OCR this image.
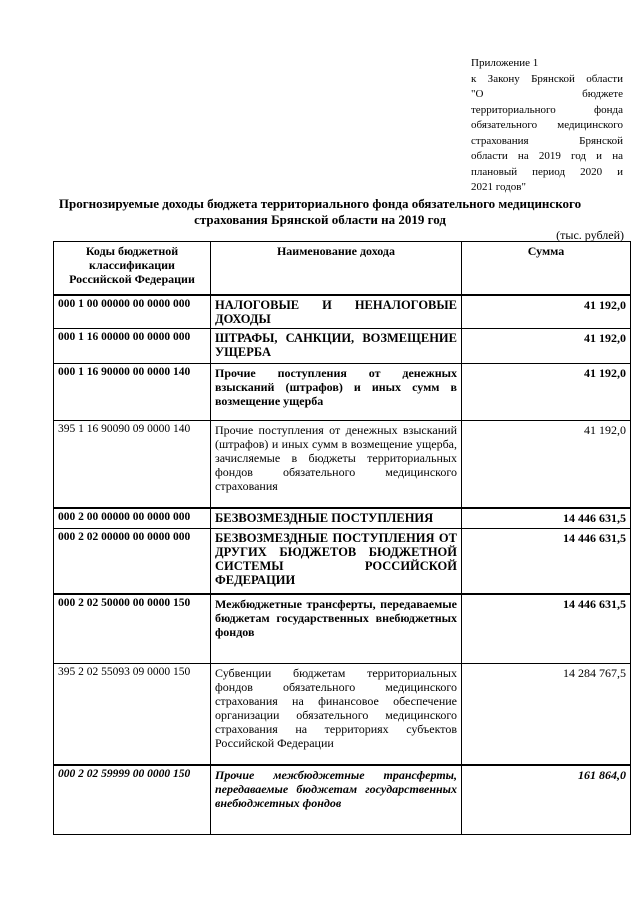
Приложение 1
к Закону Брянской области
"О бюджете
территориального фонда
обязательного медицинского
страхования Брянской
области на 2019 год и на
плановый период 2020 и
2021 годов"
Прогнозируемые доходы бюджета территориального фонда обязательного медицинского страхования Брянской области на 2019 год
(тыс. рублей)
Коды бюджетной классификации Российской Федерации	Наименование дохода	Сумма
000 1 00 00000 00 0000 000	НАЛОГОВЫЕ И НЕНАЛОГОВЫЕ ДОХОДЫ	41 192,0
000 1 16 00000 00 0000 000	ШТРАФЫ, САНКЦИИ, ВОЗМЕЩЕНИЕ УЩЕРБА	41 192,0
000 1 16 90000 00 0000 140	Прочие поступления от денежных взысканий (штрафов) и иных сумм в возмещение ущерба	41 192,0
395 1 16 90090 09 0000 140	Прочие поступления от денежных взысканий (штрафов) и иных сумм в возмещение ущерба, зачисляемые в бюджеты территориальных фондов обязательного медицинского страхования	41 192,0
000 2 00 00000 00 0000 000	БЕЗВОЗМЕЗДНЫЕ ПОСТУПЛЕНИЯ	14 446 631,5
000 2 02 00000 00 0000 000	БЕЗВОЗМЕЗДНЫЕ ПОСТУПЛЕНИЯ ОТ ДРУГИХ БЮДЖЕТОВ БЮДЖЕТНОЙ СИСТЕМЫ РОССИЙСКОЙ ФЕДЕРАЦИИ	14 446 631,5
000 2 02 50000 00 0000 150	Межбюджетные трансферты, передаваемые бюджетам государственных внебюджетных фондов	14 446 631,5
395 2 02 55093 09 0000 150	Субвенции бюджетам территориальных фондов обязательного медицинского страхования на финансовое обеспечение организации обязательного медицинского страхования на территориях субъектов Российской Федерации	14 284 767,5
000 2 02 59999 00 0000 150	Прочие межбюджетные трансферты, передаваемые бюджетам государственных внебюджетных фондов	161 864,0
